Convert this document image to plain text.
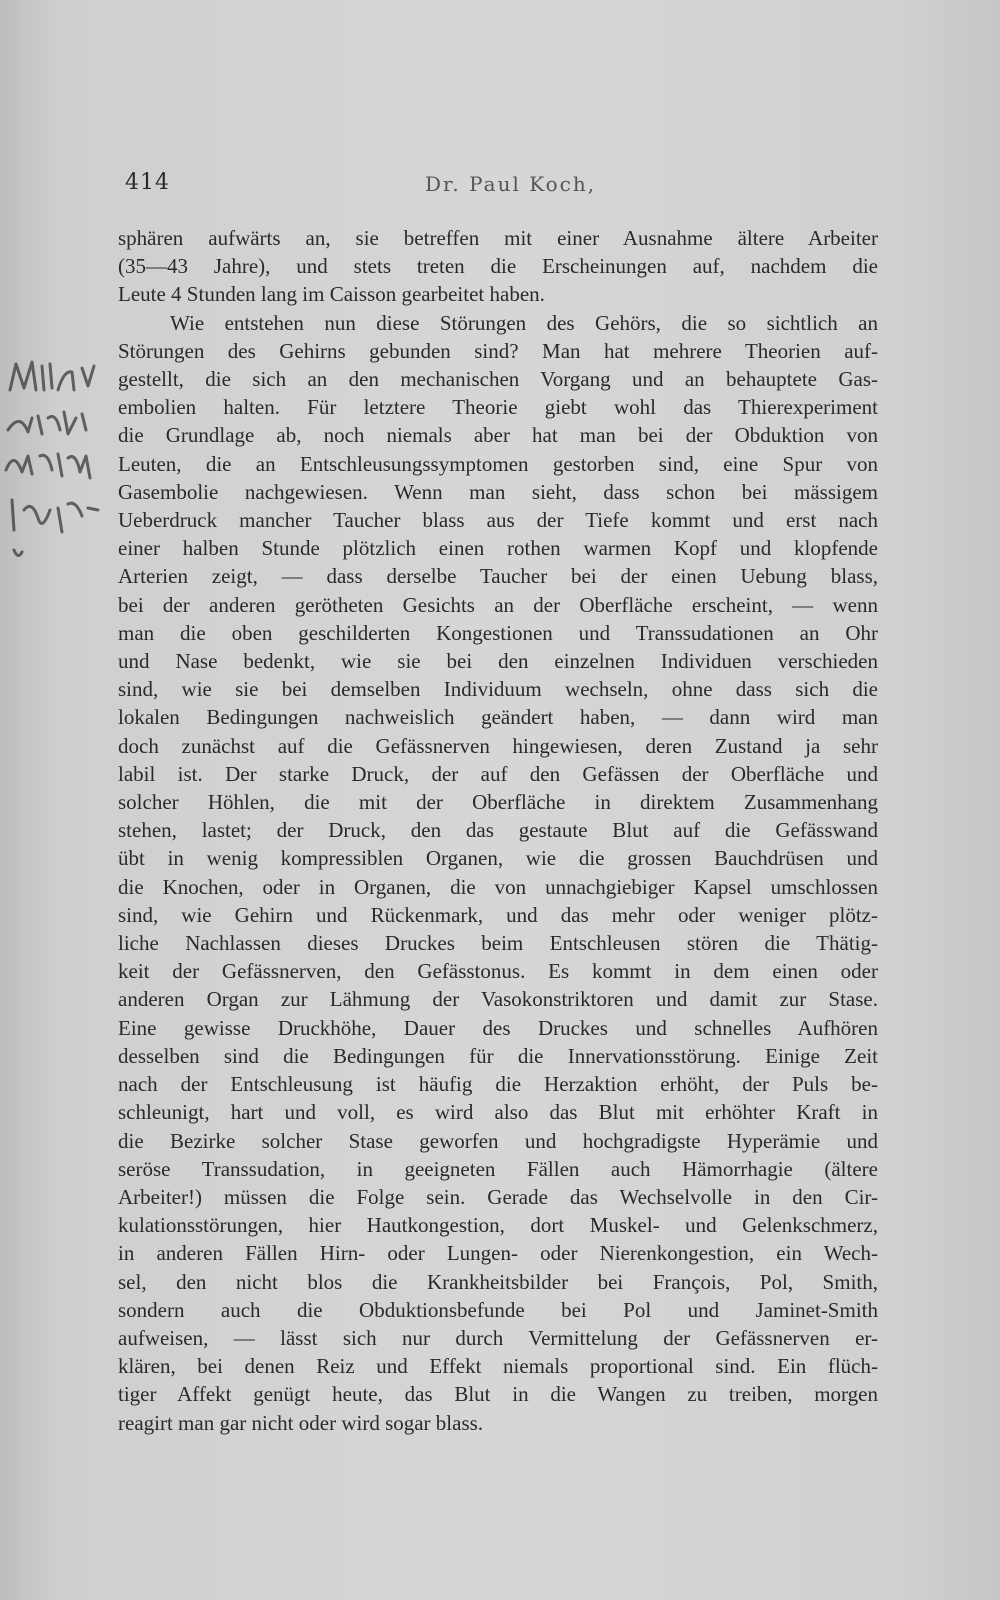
414	Dr. Paul Koch,
sphären aufwärts an, sie betreffen mit einer Ausnahme ältere Arbeiter
(35—43 Jahre), und stets treten die Erscheinungen auf, nachdem die
Leute 4 Stunden lang im Caisson gearbeitet haben.
Wie entstehen nun diese Störungen des Gehörs, die so sichtlich an
Störungen des Gehirns gebunden sind? Man hat mehrere Theorien auf-
gestellt, die sich an den mechanischen Vorgang und an behauptete Gas-
embolien halten. Für letztere Theorie giebt wohl das Thierexperiment
die Grundlage ab, noch niemals aber hat man bei der Obduktion von
Leuten, die an Entschleusungssymptomen gestorben sind, eine Spur von
Gasembolie nachgewiesen. Wenn man sieht, dass schon bei mässigem
Ueberdruck mancher Taucher blass aus der Tiefe kommt und erst nach
einer halben Stunde plötzlich einen rothen warmen Kopf und klopfende
Arterien zeigt, — dass derselbe Taucher bei der einen Uebung blass,
bei der anderen gerötheten Gesichts an der Oberfläche erscheint, — wenn
man die oben geschilderten Kongestionen und Transsudationen an Ohr
und Nase bedenkt, wie sie bei den einzelnen Individuen verschieden
sind, wie sie bei demselben Individuum wechseln, ohne dass sich die
lokalen Bedingungen nachweislich geändert haben, — dann wird man
doch zunächst auf die Gefässnerven hingewiesen, deren Zustand ja sehr
labil ist. Der starke Druck, der auf den Gefässen der Oberfläche und
solcher Höhlen, die mit der Oberfläche in direktem Zusammenhang
stehen, lastet; der Druck, den das gestaute Blut auf die Gefässwand
übt in wenig kompressiblen Organen, wie die grossen Bauchdrüsen und
die Knochen, oder in Organen, die von unnachgiebiger Kapsel umschlossen
sind, wie Gehirn und Rückenmark, und das mehr oder weniger plötz-
liche Nachlassen dieses Druckes beim Entschleusen stören die Thätig-
keit der Gefässnerven, den Gefässtonus. Es kommt in dem einen oder
anderen Organ zur Lähmung der Vasokonstriktoren und damit zur Stase.
Eine gewisse Druckhöhe, Dauer des Druckes und schnelles Aufhören
desselben sind die Bedingungen für die Innervationsstörung. Einige Zeit
nach der Entschleusung ist häufig die Herzaktion erhöht, der Puls be-
schleunigt, hart und voll, es wird also das Blut mit erhöhter Kraft in
die Bezirke solcher Stase geworfen und hochgradigste Hyperämie und
seröse Transsudation, in geeigneten Fällen auch Hämorrhagie (ältere
Arbeiter!) müssen die Folge sein. Gerade das Wechselvolle in den Cir-
kulationsstörungen, hier Hautkongestion, dort Muskel- und Gelenkschmerz,
in anderen Fällen Hirn- oder Lungen- oder Nierenkongestion, ein Wech-
sel, den nicht blos die Krankheitsbilder bei François, Pol, Smith,
sondern auch die Obduktionsbefunde bei Pol und Jaminet-Smith
aufweisen, — lässt sich nur durch Vermittelung der Gefässnerven er-
klären, bei denen Reiz und Effekt niemals proportional sind. Ein flüch-
tiger Affekt genügt heute, das Blut in die Wangen zu treiben, morgen
reagirt man gar nicht oder wird sogar blass.
